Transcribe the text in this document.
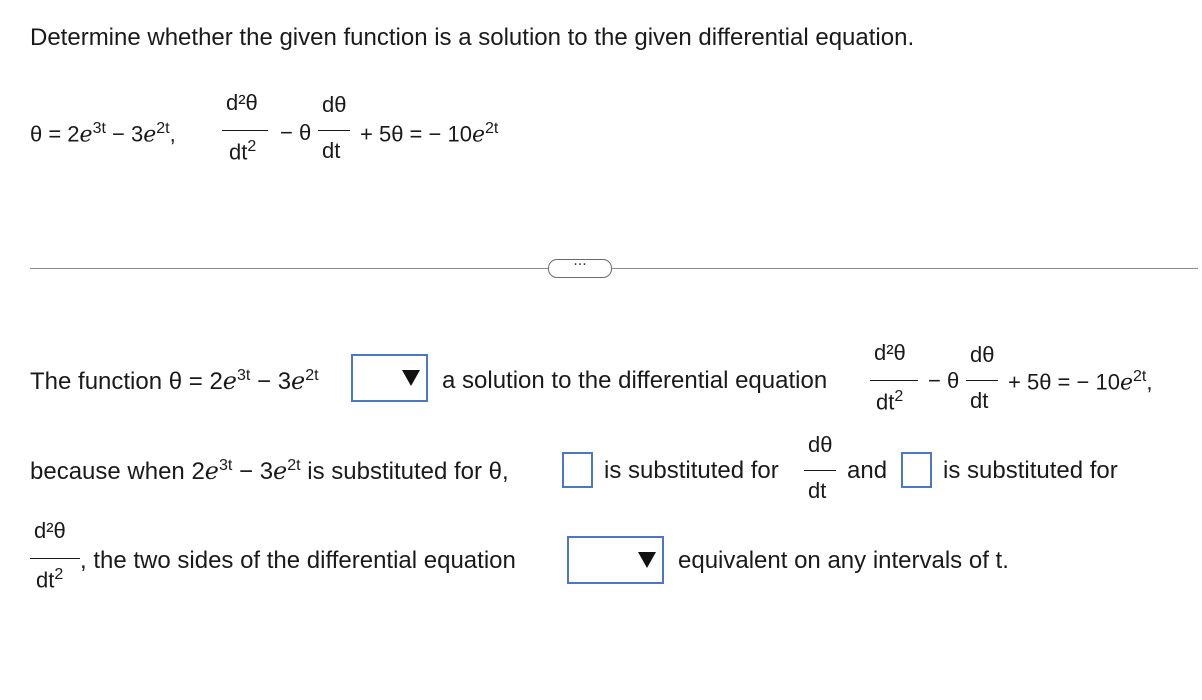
Determine whether the given function is a solution to the given differential equation.
$\theta = 2e^{3t} - 3e^{2t}$,
d²θ
$dt^2$
− θ
dθ
dt
+ 5θ = − $10e^{2t}$
···
The function $\theta = 2e^{3t} - 3e^{2t}$	a solution to the differential equation
d²θ
$dt^2$
− θ
dθ
dt
+ 5θ = − $10e^{2t}$,
because when $2e^{3t} - 3e^{2t}$ is substituted for θ,	is substituted for
dθ
dt
and is substituted for
d²θ
$dt^2$
, the two sides of the differential equation	equivalent on any intervals of t.
